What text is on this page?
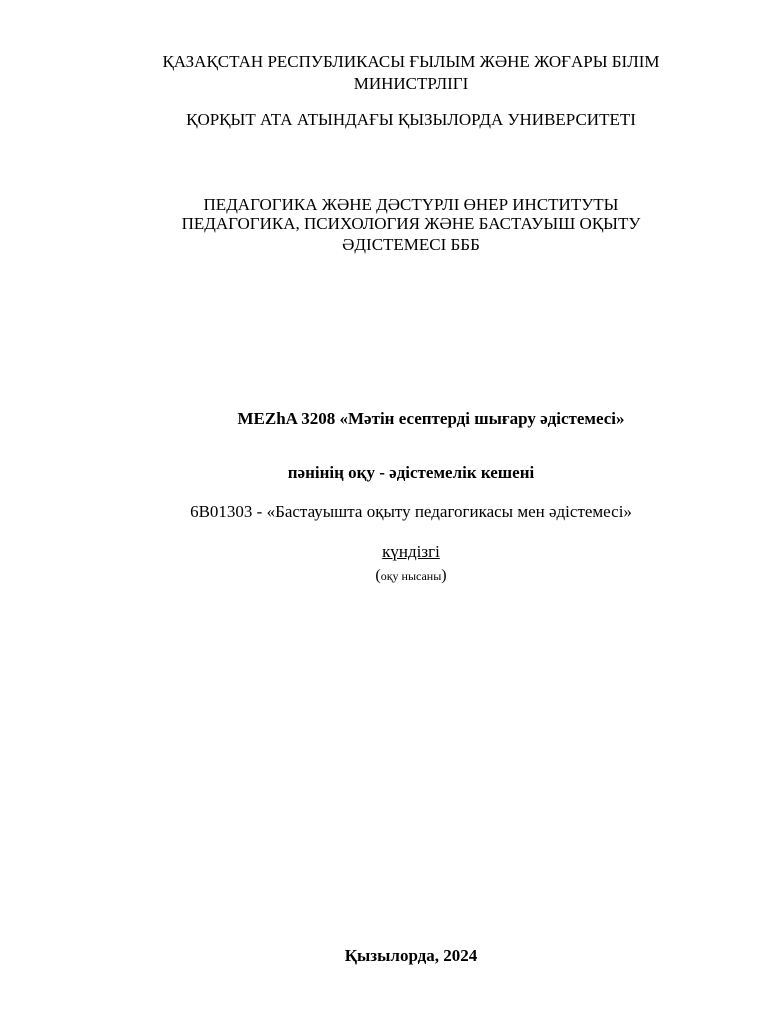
ҚАЗАҚСТАН РЕСПУБЛИКАСЫ ҒЫЛЫМ ЖӘНЕ ЖОҒАРЫ БІЛІМ
МИНИСТРЛІГІ
ҚОРҚЫТ АТА АТЫНДАҒЫ ҚЫЗЫЛОРДА УНИВЕРСИТЕТІ
ПЕДАГОГИКА ЖӘНЕ ДӘСТҮРЛІ ӨНЕР ИНСТИТУТЫ
ПЕДАГОГИКА, ПСИХОЛОГИЯ ЖӘНЕ БАСТАУЫШ ОҚЫТУ
ӘДІСТЕМЕСІ БББ
MEZhA 3208 «Мәтін есептерді шығару әдістемесі»
пәнінің оқу - әдістемелік кешені
6В01303 - «Бастауышта оқыту педагогикасы мен әдістемесі»
күндізгі
(оқу нысаны)
Қызылорда, 2024
